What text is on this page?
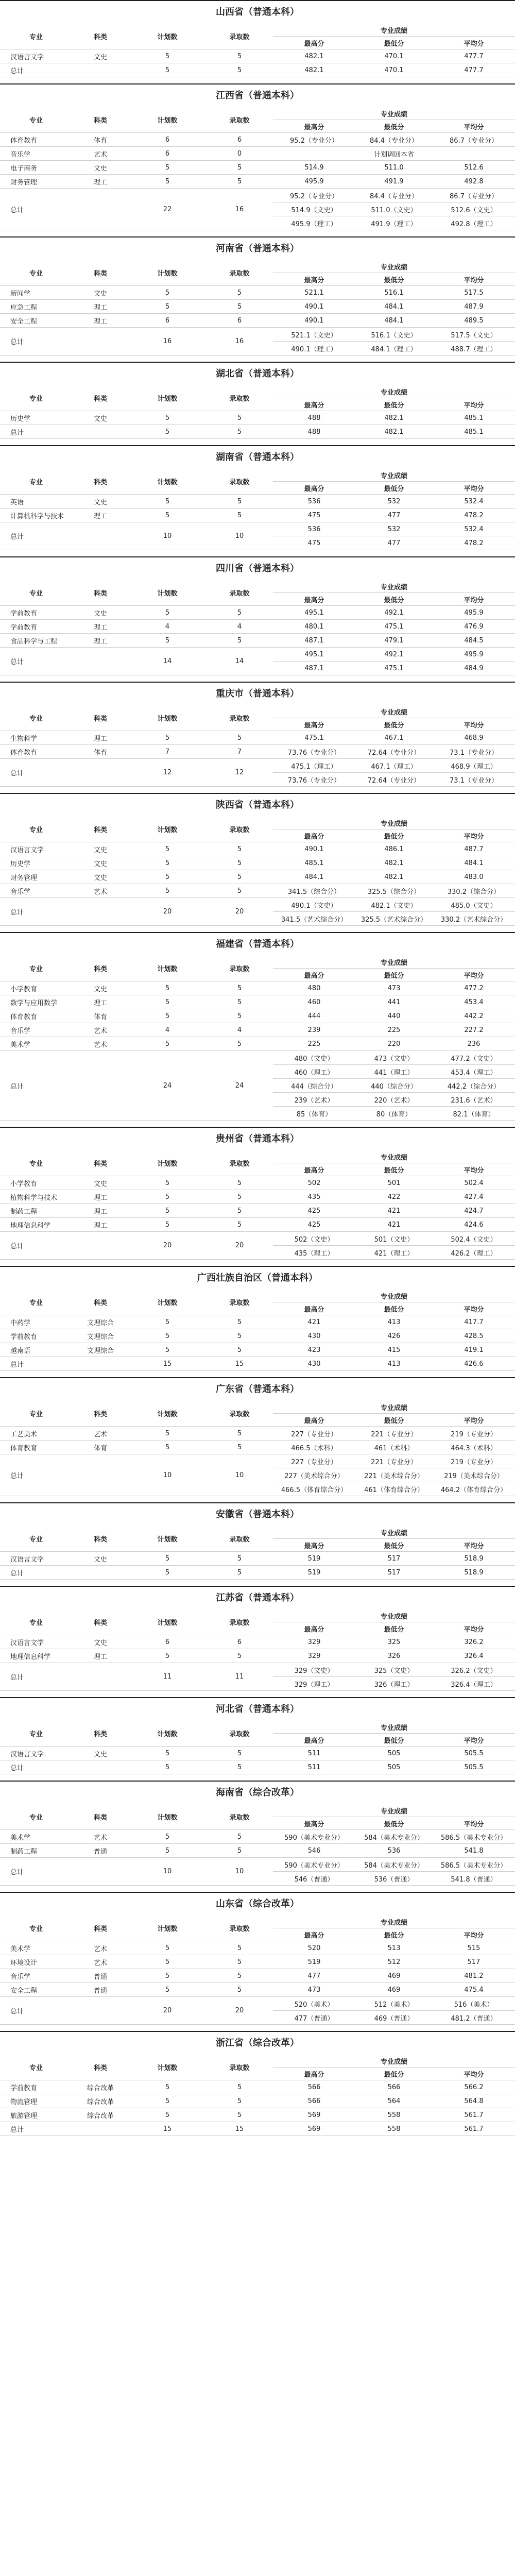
山西省（普通本科）
专业	科类	计划数	录取数	专业成绩		
				最高分	最低分	平均分
汉语言文学	文史	5	5	482.1	470.1	477.7
总计		5	5	482.1	470.1	477.7
江西省（普通本科）
专业	科类	计划数	录取数	专业成绩		
				最高分	最低分	平均分
体育教育	体育	6	6	95.2（专业分）	84.4（专业分）	86.7（专业分）
音乐学	艺术	6	0		计划调回本省	
电子商务	文史	5	5	514.9	511.0	512.6
财务管理	理工	5	5	495.9	491.9	492.8
总计		22	16	95.2（专业分）	84.4（专业分）	86.7（专业分）
				514.9（文史）	511.0（文史）	512.6（文史）
				495.9（理工）	491.9（理工）	492.8（理工）
河南省（普通本科）
专业	科类	计划数	录取数	专业成绩		
				最高分	最低分	平均分
新闻学	文史	5	5	521.1	516.1	517.5
应急工程	理工	5	5	490.1	484.1	487.9
安全工程	理工	6	6	490.1	484.1	489.5
总计		16	16	521.1（文史）	516.1（文史）	517.5（文史）
				490.1（理工）	484.1（理工）	488.7（理工）
湖北省（普通本科）
专业	科类	计划数	录取数	专业成绩		
				最高分	最低分	平均分
历史学	文史	5	5	488	482.1	485.1
总计		5	5	488	482.1	485.1
湖南省（普通本科）
专业	科类	计划数	录取数	专业成绩		
				最高分	最低分	平均分
英语	文史	5	5	536	532	532.4
计算机科学与技术	理工	5	5	475	477	478.2
总计		10	10	536	532	532.4
				475	477	478.2
四川省（普通本科）
专业	科类	计划数	录取数	专业成绩		
				最高分	最低分	平均分
学前教育	文史	5	5	495.1	492.1	495.9
学前教育	理工	4	4	480.1	475.1	476.9
食品科学与工程	理工	5	5	487.1	479.1	484.5
总计		14	14	495.1	492.1	495.9
				487.1	475.1	484.9
重庆市（普通本科）
专业	科类	计划数	录取数	专业成绩		
				最高分	最低分	平均分
生物科学	理工	5	5	475.1	467.1	468.9
体育教育	体育	7	7	73.76（专业分）	72.64（专业分）	73.1（专业分）
总计		12	12	475.1（理工）	467.1（理工）	468.9（理工）
				73.76（专业分）	72.64（专业分）	73.1（专业分）
陕西省（普通本科）
专业	科类	计划数	录取数	专业成绩		
				最高分	最低分	平均分
汉语言文学	文史	5	5	490.1	486.1	487.7
历史学	文史	5	5	485.1	482.1	484.1
财务管理	文史	5	5	484.1	482.1	483.0
音乐学	艺术	5	5	341.5（综合分）	325.5（综合分）	330.2（综合分）
总计		20	20	490.1（文史）	482.1（文史）	485.0（文史）
				341.5（艺术综合分）	325.5（艺术综合分）	330.2（艺术综合分）
福建省（普通本科）
专业	科类	计划数	录取数	专业成绩		
				最高分	最低分	平均分
小学教育	文史	5	5	480	473	477.2
数学与应用数学	理工	5	5	460	441	453.4
体育教育	体育	5	5	444	440	442.2
音乐学	艺术	4	4	239	225	227.2
美术学	艺术	5	5	225	220	236
总计		24	24	480（文史）	473（文史）	477.2（文史）
				460（理工）	441（理工）	453.4（理工）
				444（综合分）	440（综合分）	442.2（综合分）
				239（艺术）	220（艺术）	231.6（艺术）
				85（体育）	80（体育）	82.1（体育）
贵州省（普通本科）
专业	科类	计划数	录取数	专业成绩		
				最高分	最低分	平均分
小学教育	文史	5	5	502	501	502.4
植物科学与技术	理工	5	5	435	422	427.4
制药工程	理工	5	5	425	421	424.7
地理信息科学	理工	5	5	425	421	424.6
总计		20	20	502（文史）	501（文史）	502.4（文史）
				435（理工）	421（理工）	426.2（理工）
广西壮族自治区（普通本科）
专业	科类	计划数	录取数	专业成绩		
				最高分	最低分	平均分
中药学	文理综合	5	5	421	413	417.7
学前教育	文理综合	5	5	430	426	428.5
越南语	文理综合	5	5	423	415	419.1
总计		15	15	430	413	426.6
广东省（普通本科）
专业	科类	计划数	录取数	专业成绩		
				最高分	最低分	平均分
工艺美术	艺术	5	5	227（专业分）	221（专业分）	219（专业分）
体育教育	体育	5	5	466.5（术科）	461（术科）	464.3（术科）
总计		10	10	227（专业分）	221（专业分）	219（专业分）
				227（美术综合分）	221（美术综合分）	219（美术综合分）
				466.5（体育综合分）	461（体育综合分）	464.2（体育综合分）
安徽省（普通本科）
专业	科类	计划数	录取数	专业成绩		
				最高分	最低分	平均分
汉语言文学	文史	5	5	519	517	518.9
总计		5	5	519	517	518.9
江苏省（普通本科）
专业	科类	计划数	录取数	专业成绩		
				最高分	最低分	平均分
汉语言文学	文史	6	6	329	325	326.2
地理信息科学	理工	5	5	329	326	326.4
总计		11	11	329（文史）	325（文史）	326.2（文史）
				329（理工）	326（理工）	326.4（理工）
河北省（普通本科）
专业	科类	计划数	录取数	专业成绩		
				最高分	最低分	平均分
汉语言文学	文史	5	5	511	505	505.5
总计		5	5	511	505	505.5
海南省（综合改革）
专业	科类	计划数	录取数	专业成绩		
				最高分	最低分	平均分
美术学	艺术	5	5	590（美术专业分）	584（美术专业分）	586.5（美术专业分）
制药工程	普通	5	5	546	536	541.8
总计		10	10	590（美术专业分）	584（美术专业分）	586.5（美术专业分）
				546（普通）	536（普通）	541.8（普通）
山东省（综合改革）
专业	科类	计划数	录取数	专业成绩		
				最高分	最低分	平均分
美术学	艺术	5	5	520	513	515
环境设计	艺术	5	5	519	512	517
音乐学	普通	5	5	477	469	481.2
安全工程	普通	5	5	473	469	475.4
总计		20	20	520（美术）	512（美术）	516（美术）
				477（普通）	469（普通）	481.2（普通）
浙江省（综合改革）
专业	科类	计划数	录取数	专业成绩		
				最高分	最低分	平均分
学前教育	综合改革	5	5	566	566	566.2
物流管理	综合改革	5	5	566	564	564.8
旅游管理	综合改革	5	5	569	558	561.7
总计		15	15	569	558	561.7
